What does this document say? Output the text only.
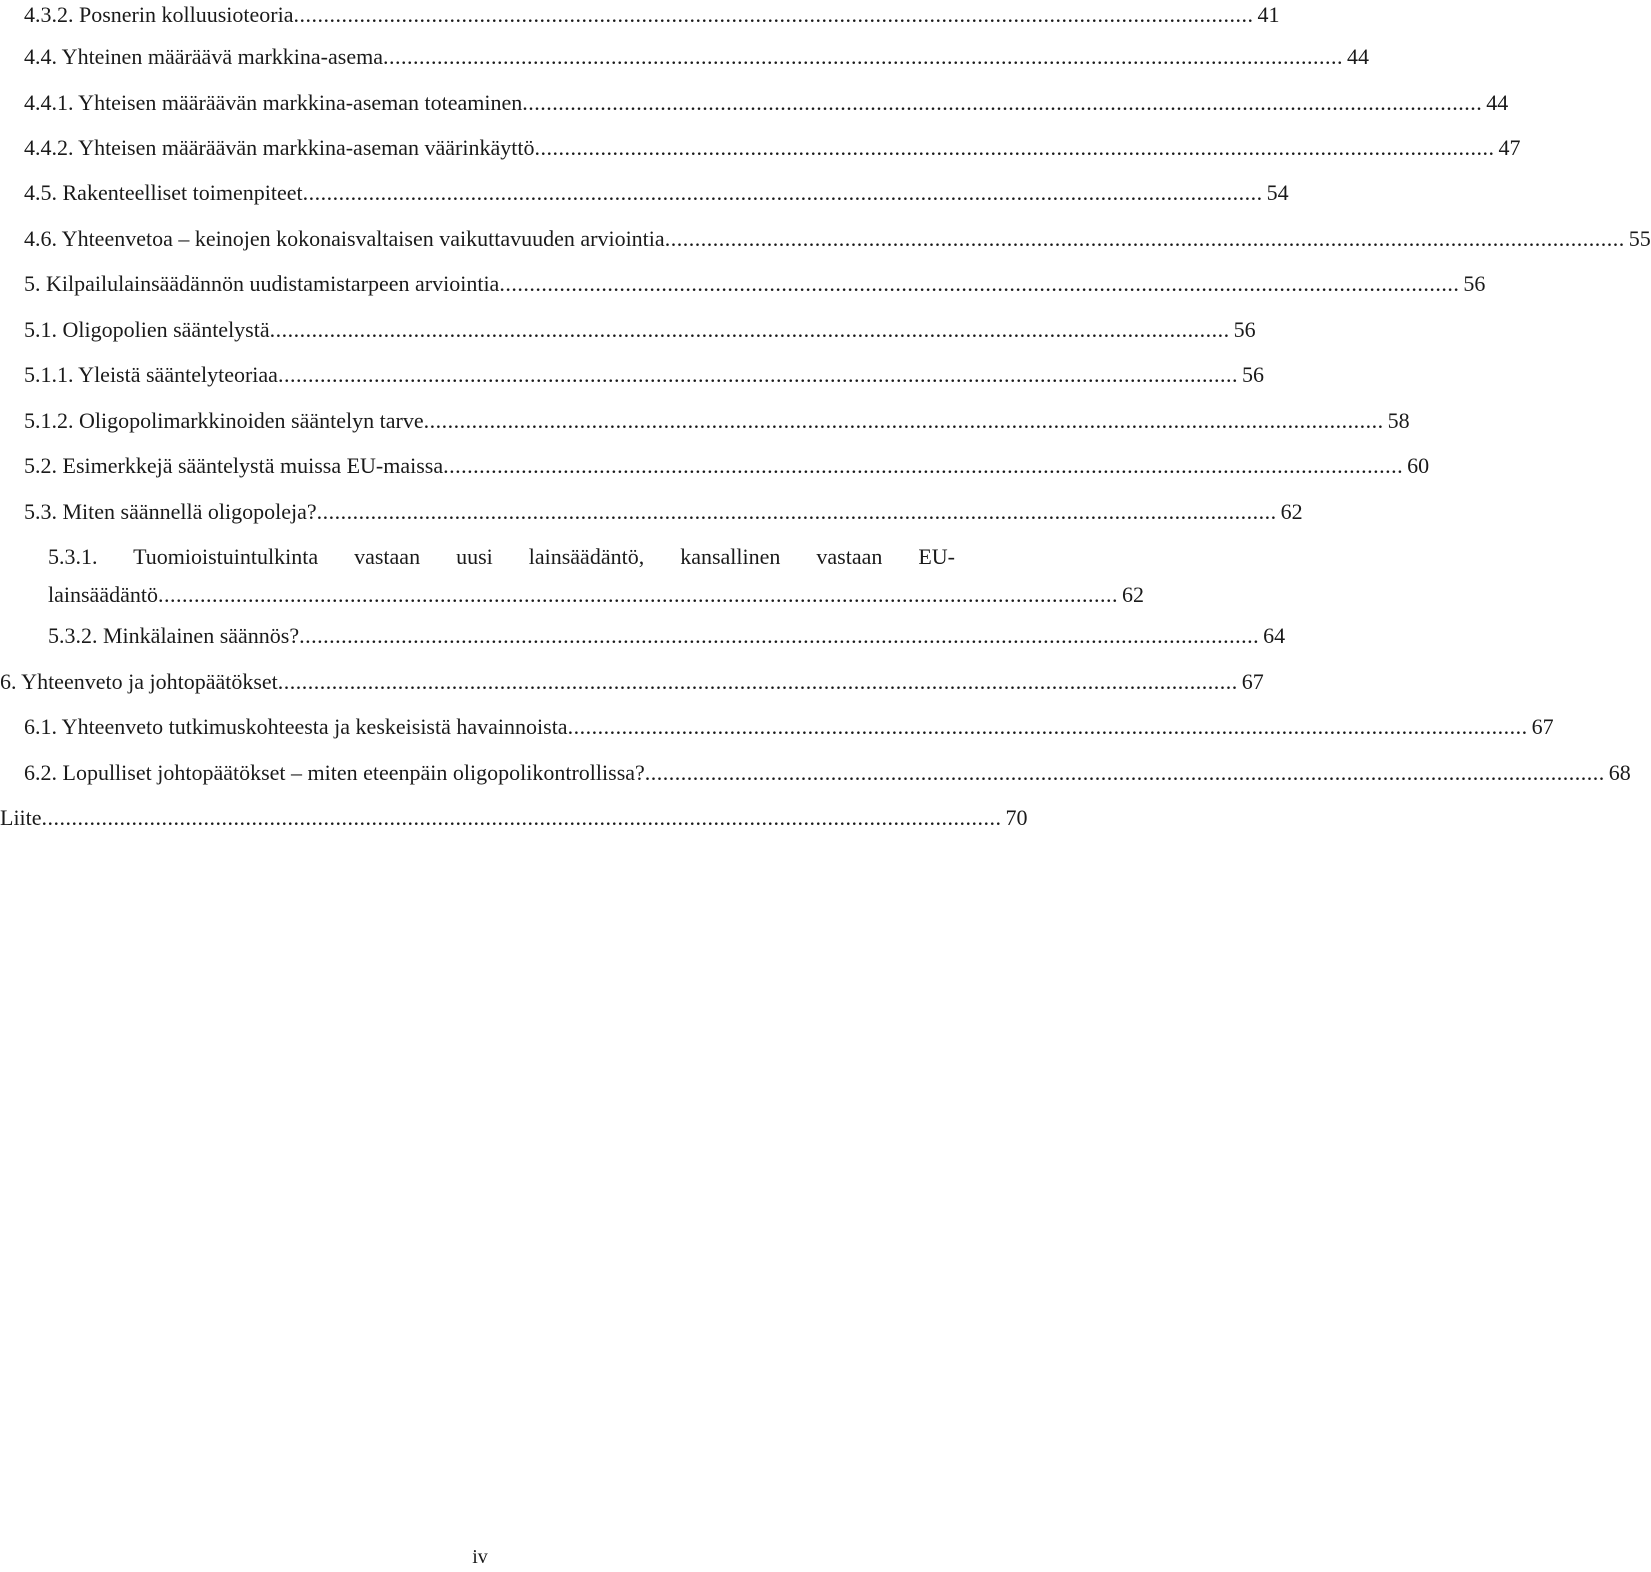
4.3.2. Posnerin kolluusioteoria ................................................................................................................................................................ 41
4.4. Yhteinen määräävä markkina-asema ................................................................................................................................................................ 44
4.4.1. Yhteisen määräävän markkina-aseman toteaminen ................................................................................................................................................................ 44
4.4.2. Yhteisen määräävän markkina-aseman väärinkäyttö ................................................................................................................................................................ 47
4.5. Rakenteelliset toimenpiteet ................................................................................................................................................................ 54
4.6. Yhteenvetoa – keinojen kokonaisvaltaisen vaikuttavuuden arviointia ................................................................................................................................................................ 55
5. Kilpailulainsäädännön uudistamistarpeen arviointia ................................................................................................................................................................ 56
5.1. Oligopolien sääntelystä ................................................................................................................................................................ 56
5.1.1. Yleistä sääntelyteoriaa ................................................................................................................................................................ 56
5.1.2. Oligopolimarkkinoiden sääntelyn tarve ................................................................................................................................................................ 58
5.2. Esimerkkejä sääntelystä muissa EU-maissa ................................................................................................................................................................ 60
5.3. Miten säännellä oligopoleja? ................................................................................................................................................................ 62
5.3.1. Tuomioistuintulkinta vastaan uusi lainsäädäntö, kansallinen vastaan EU-
lainsäädäntö ................................................................................................................................................................ 62
5.3.2. Minkälainen säännös? ................................................................................................................................................................ 64
6. Yhteenveto ja johtopäätökset ................................................................................................................................................................ 67
6.1. Yhteenveto tutkimuskohteesta ja keskeisistä havainnoista ................................................................................................................................................................ 67
6.2. Lopulliset johtopäätökset – miten eteenpäin oligopolikontrollissa? ................................................................................................................................................................ 68
Liite ................................................................................................................................................................ 70
iv
